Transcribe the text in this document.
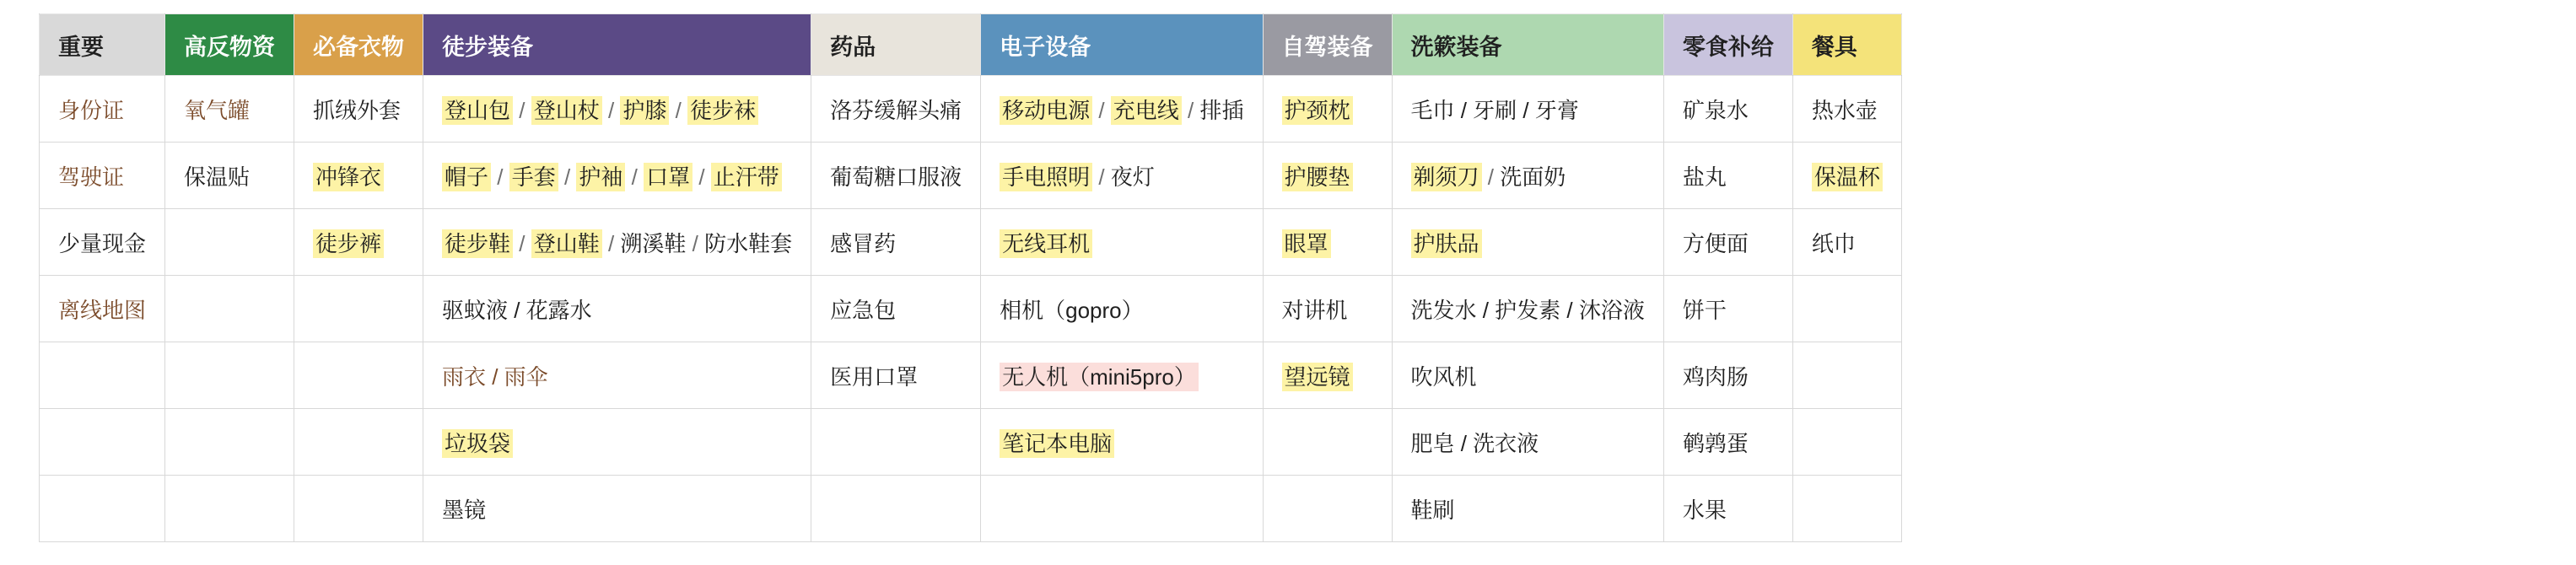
重要	高反物资	必备衣物	徒步装备	药品	电子设备	自驾装备	洗簌装备	零食补给	餐具
身份证	氧气罐	抓绒外套	登山包 / 登山杖 / 护膝 / 徒步袜	洛芬缓解头痛	移动电源 / 充电线 / 排插	护颈枕	毛巾 / 牙刷 / 牙膏	矿泉水	热水壶
驾驶证	保温贴	冲锋衣	帽子 / 手套 / 护袖 / 口罩 / 止汗带	葡萄糖口服液	手电照明 / 夜灯	护腰垫	剃须刀 / 洗面奶	盐丸	保温杯
少量现金		徒步裤	徒步鞋 / 登山鞋 / 溯溪鞋 / 防水鞋套	感冒药	无线耳机	眼罩	护肤品	方便面	纸巾
离线地图			驱蚊液 / 花露水	应急包	相机（gopro）	对讲机	洗发水 / 护发素 / 沐浴液	饼干	
			雨衣 / 雨伞	医用口罩	无人机（mini5pro）	望远镜	吹风机	鸡肉肠	
			垃圾袋		笔记本电脑		肥皂 / 洗衣液	鹌鹑蛋	
			墨镜				鞋刷	水果	
